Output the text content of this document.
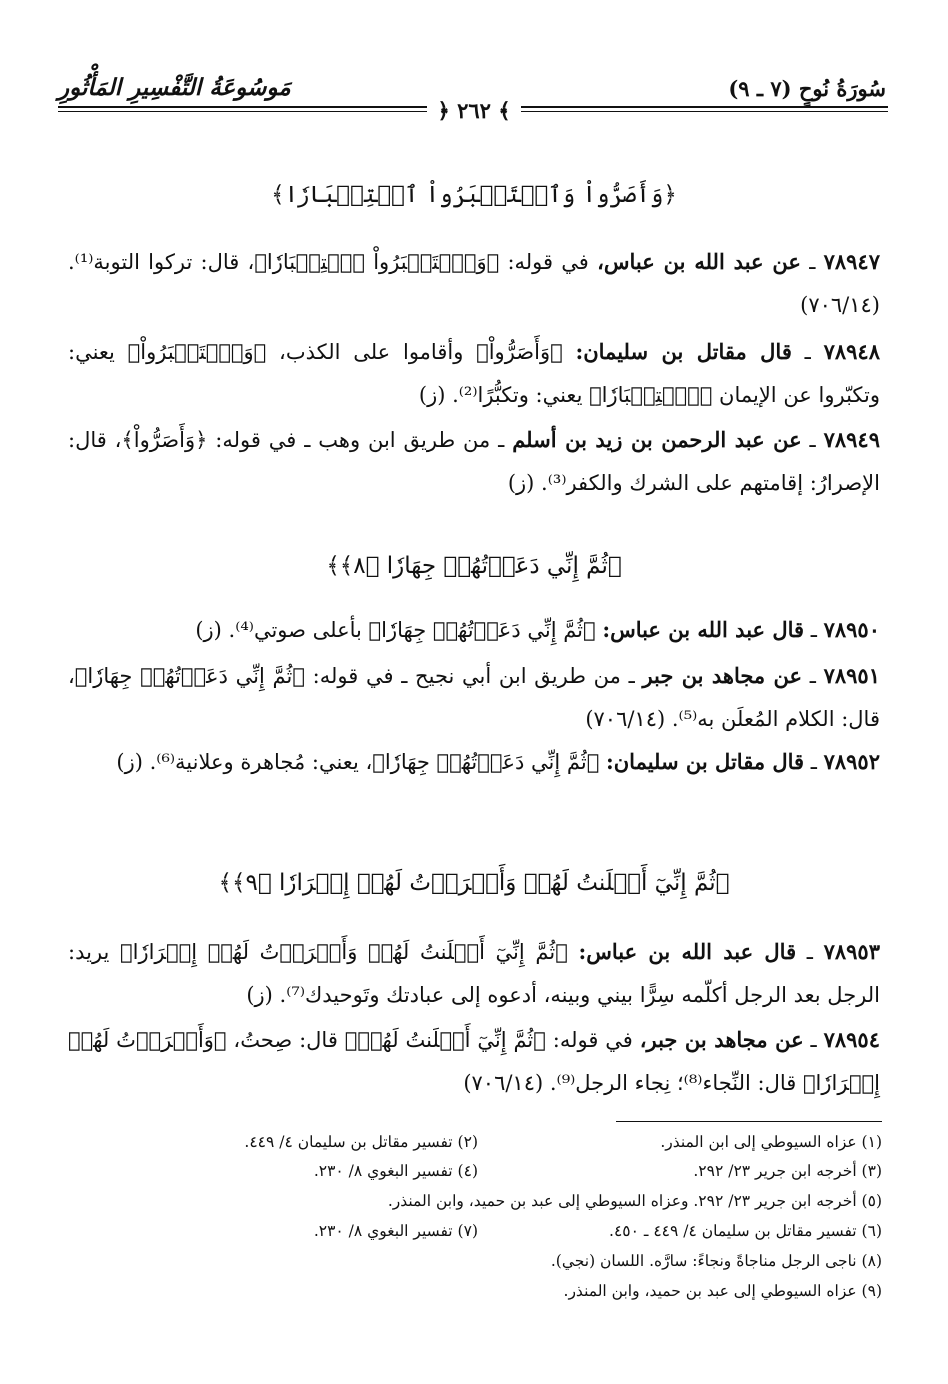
سُورَةُ نُوحٍ (٧ ـ ٩)
مَوسُوعَةُ التَّفْسِيرِ المَأْثُورِ
﴾ ٢٦٢ ﴿
﴿وَأَصَرُّواْ وَٱسۡتَكۡبَرُواْ ٱسۡتِكۡبَارٗا﴾
٧٨٩٤٧ ـ عن عبد الله بن عباس، في قوله: ﴿وَٱسۡتَكۡبَرُواْ ٱسۡتِكۡبَارٗا﴾، قال: تركوا التوبة⁽¹⁾. (٧٠٦/١٤)
٧٨٩٤٨ ـ قال مقاتل بن سليمان: ﴿وَأَصَرُّواْ﴾ وأقاموا على الكذب، ﴿وَٱسۡتَكۡبَرُواْ﴾ يعني: وتكبّروا عن الإيمان ﴿ٱسۡتِكۡبَارٗا﴾ يعني: وتكبُّرًا⁽²⁾. (ز)
٧٨٩٤٩ ـ عن عبد الرحمن بن زيد بن أسلم ـ من طريق ابن وهب ـ في قوله: ﴿وَأَصَرُّواْ﴾، قال: الإصرارُ: إقامتهم على الشرك والكفر⁽³⁾. (ز)
﴿ثُمَّ إِنِّي دَعَوۡتُهُمۡ جِهَارٗا ﴿٨﴾﴾
٧٨٩٥٠ ـ قال عبد الله بن عباس: ﴿ثُمَّ إِنِّي دَعَوۡتُهُمۡ جِهَارٗا﴾ بأعلى صوتي⁽⁴⁾. (ز)
٧٨٩٥١ ـ عن مجاهد بن جبر ـ من طريق ابن أبي نجيح ـ في قوله: ﴿ثُمَّ إِنِّي دَعَوۡتُهُمۡ جِهَارٗا﴾، قال: الكلام المُعلَن به⁽⁵⁾. (٧٠٦/١٤)
٧٨٩٥٢ ـ قال مقاتل بن سليمان: ﴿ثُمَّ إِنِّي دَعَوۡتُهُمۡ جِهَارٗا﴾، يعني: مُجاهرة وعلانية⁽⁶⁾. (ز)
﴿ثُمَّ إِنِّيٓ أَعۡلَنتُ لَهُمۡ وَأَسۡرَرۡتُ لَهُمۡ إِسۡرَارٗا ﴿٩﴾﴾
٧٨٩٥٣ ـ قال عبد الله بن عباس: ﴿ثُمَّ إِنِّيٓ أَعۡلَنتُ لَهُمۡ وَأَسۡرَرۡتُ لَهُمۡ إِسۡرَارٗا﴾ يريد: الرجل بعد الرجل أكلّمه سِرًّا بيني وبينه، أدعوه إلى عبادتك وتَوحيدك⁽⁷⁾. (ز)
٧٨٩٥٤ ـ عن مجاهد بن جبر، في قوله: ﴿ثُمَّ إِنِّيٓ أَعۡلَنتُ لَهُمۡ﴾ قال: صِحتُ، ﴿وَأَسۡرَرۡتُ لَهُمۡ إِسۡرَارٗا﴾ قال: النِّجاء⁽⁸⁾؛ نِجاء الرجل⁽⁹⁾. (٧٠٦/١٤)
(١) عزاه السيوطي إلى ابن المنذر.
(٢) تفسير مقاتل بن سليمان ٤/ ٤٤٩.
(٣) أخرجه ابن جرير ٢٣/ ٢٩٢.
(٤) تفسير البغوي ٨/ ٢٣٠.
(٥) أخرجه ابن جرير ٢٣/ ٢٩٢. وعزاه السيوطي إلى عبد بن حميد، وابن المنذر.
(٦) تفسير مقاتل بن سليمان ٤/ ٤٤٩ ـ ٤٥٠.
(٧) تفسير البغوي ٨/ ٢٣٠.
(٨) ناجى الرجل مناجاةً ونجاءً: سارَّه. اللسان (نجي).
(٩) عزاه السيوطي إلى عبد بن حميد، وابن المنذر.
